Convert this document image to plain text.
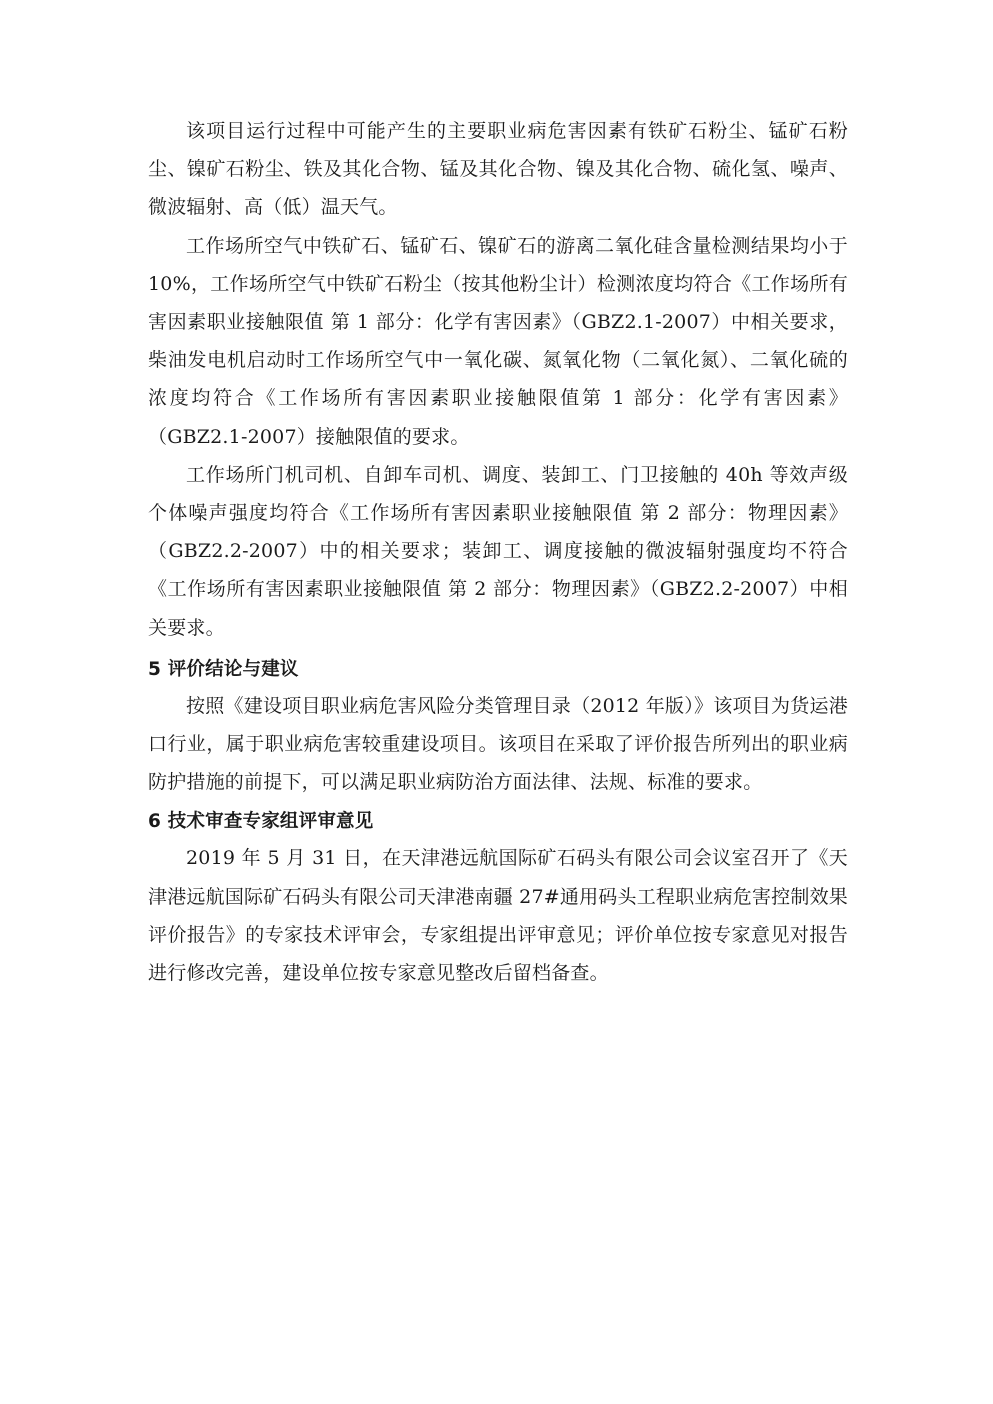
该项目运行过程中可能产生的主要职业病危害因素有铁矿石粉尘、锰矿石粉尘、镍矿石粉尘、铁及其化合物、锰及其化合物、镍及其化合物、硫化氢、噪声、微波辐射、高（低）温天气。

工作场所空气中铁矿石、锰矿石、镍矿石的游离二氧化硅含量检测结果均小于 10%，工作场所空气中铁矿石粉尘（按其他粉尘计）检测浓度均符合《工作场所有害因素职业接触限值 第 1 部分：化学有害因素》（GBZ2.1-2007）中相关要求，柴油发电机启动时工作场所空气中一氧化碳、氮氧化物（二氧化氮）、二氧化硫的浓度均符合《工作场所有害因素职业接触限值第 1 部分：化学有害因素》（GBZ2.1-2007）接触限值的要求。

工作场所门机司机、自卸车司机、调度、装卸工、门卫接触的 40h 等效声级个体噪声强度均符合《工作场所有害因素职业接触限值 第 2 部分：物理因素》（GBZ2.2-2007）中的相关要求；装卸工、调度接触的微波辐射强度均不符合《工作场所有害因素职业接触限值 第 2 部分：物理因素》（GBZ2.2-2007）中相关要求。

5 评价结论与建议

按照《建设项目职业病危害风险分类管理目录（2012 年版）》该项目为货运港口行业，属于职业病危害较重建设项目。该项目在采取了评价报告所列出的职业病防护措施的前提下，可以满足职业病防治方面法律、法规、标准的要求。

6 技术审查专家组评审意见

2019 年 5 月 31 日，在天津港远航国际矿石码头有限公司会议室召开了《天津港远航国际矿石码头有限公司天津港南疆 27#通用码头工程职业病危害控制效果评价报告》的专家技术评审会，专家组提出评审意见；评价单位按专家意见对报告进行修改完善，建设单位按专家意见整改后留档备查。
